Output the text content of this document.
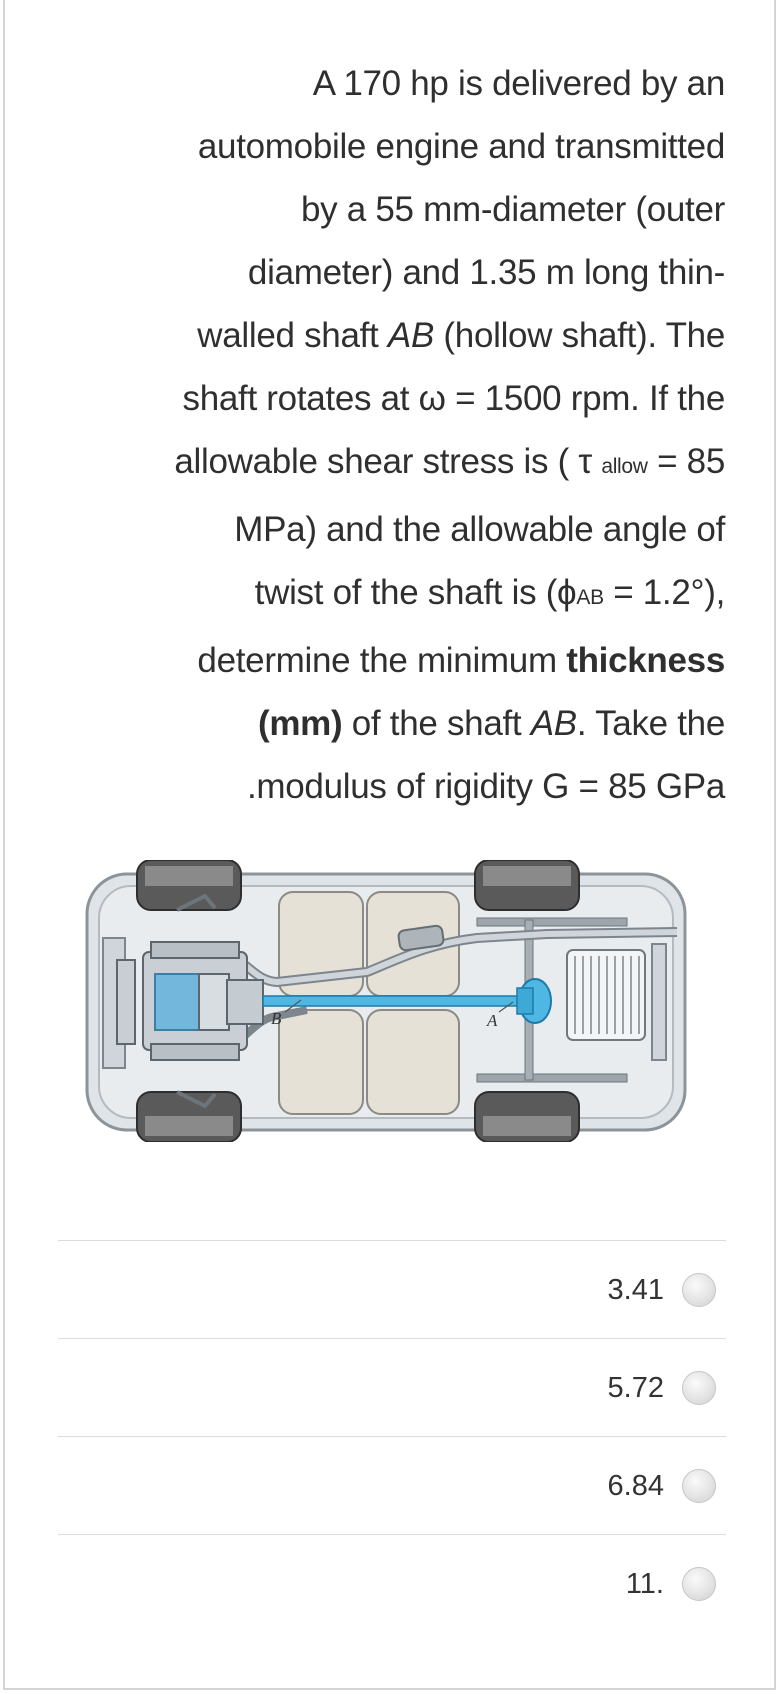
A 170 hp is delivered by an
automobile engine and transmitted
by a 55 mm-diameter (outer
diameter) and 1.35 m long thin-
walled shaft AB (hollow shaft). The
shaft rotates at ω = 1500 rpm. If the
allowable shear stress is ( τ allow = 85
MPa) and the allowable angle of
twist of the shaft is (ϕAB = 1.2°),
determine the minimum thickness
(mm) of the shaft AB. Take the
.modulus of rigidity G = 85 GPa
B	A
3.41
5.72
6.84
11.
